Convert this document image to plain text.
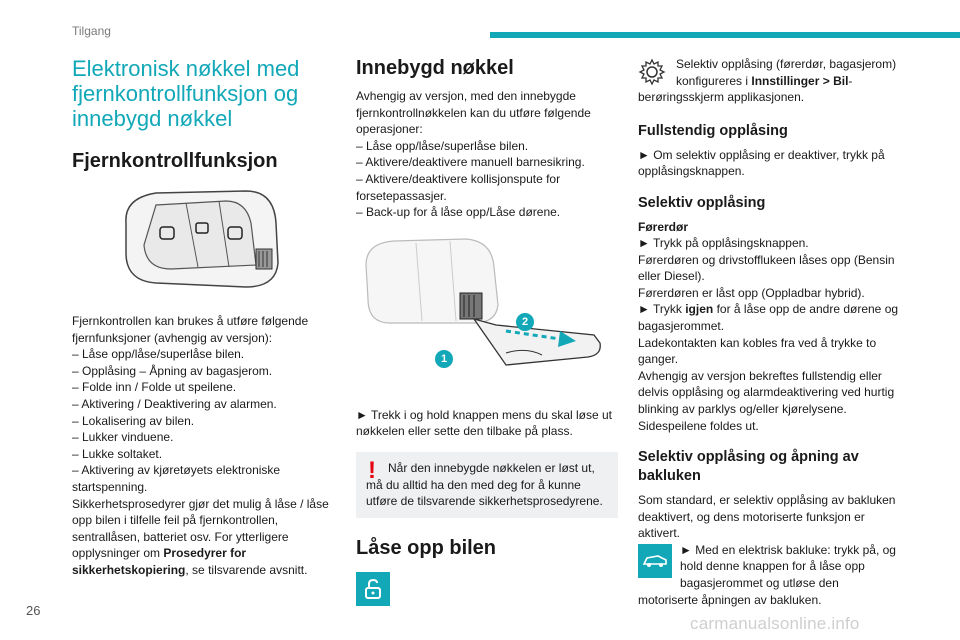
Tilgang
Elektronisk nøkkel med fjernkontrollfunksjon og innebygd nøkkel
Fjernkontrollfunksjon

Fjernkontrollen kan brukes å utføre følgende fjernfunksjoner (avhengig av versjon):

– Låse opp/låse/superlåse bilen.

– Opplåsing – Åpning av bagasjerom.

– Folde inn / Folde ut speilene.

– Aktivering / Deaktivering av alarmen.

– Lokalisering av bilen.

– Lukker vinduene.

– Lukke soltaket.

– Aktivering av kjøretøyets elektroniske startspenning.

Sikkerhetsprosedyrer gjør det mulig å låse / låse opp bilen i tilfelle feil på fjernkontrollen, sentrallåsen, batteriet osv. For ytterligere opplysninger om Prosedyrer for sikkerhetskopiering, se tilsvarende avsnitt.

Innebygd nøkkel

Avhengig av versjon, med den innebygde fjernkontrollnøkkelen kan du utføre følgende operasjoner:

– Låse opp/låse/superlåse bilen.

– Aktivere/deaktivere manuell barnesikring.

– Aktivere/deaktivere kollisjonspute for forsetepassasjer.

– Back-up for å låse opp/Låse dørene.

1
2

► Trekk i og hold knappen mens du skal løse ut nøkkelen eller sette den tilbake på plass.

!	Når den innebygde nøkkelen er løst ut, må du alltid ha den med deg for å kunne utføre de tilsvarende sikkerhetsprosedyrene.

Låse opp bilen

Selektiv opplåsing (førerdør, bagasjerom) konfigureres i Innstillinger > Bil-berøringsskjerm applikasjonen.

Fullstendig opplåsing

► Om selektiv opplåsing er deaktiver, trykk på opplåsingsknappen.

Selektiv opplåsing

Førerdør

► Trykk på opplåsingsknappen.

Førerdøren og drivstofflukeen låses opp (Bensin eller Diesel).

Førerdøren er låst opp (Oppladbar hybrid).

► Trykk igjen for å låse opp de andre dørene og bagasjerommet.

Ladekontakten kan kobles fra ved å trykke to ganger.

Avhengig av versjon bekreftes fullstendig eller delvis opplåsing og alarmdeaktivering ved hurtig blinking av parklys og/eller kjørelysene.

Sidespeilene foldes ut.

Selektiv opplåsing og åpning av bakluken

Som standard, er selektiv opplåsing av bakluken deaktivert, og dens motoriserte funksjon er aktivert.

► Med en elektrisk baklukе: trykk på, og hold denne knappen for å låse opp bagasjerommet og utløse den motoriserte åpningen av bakluken.

26
carmanualsonline.info
